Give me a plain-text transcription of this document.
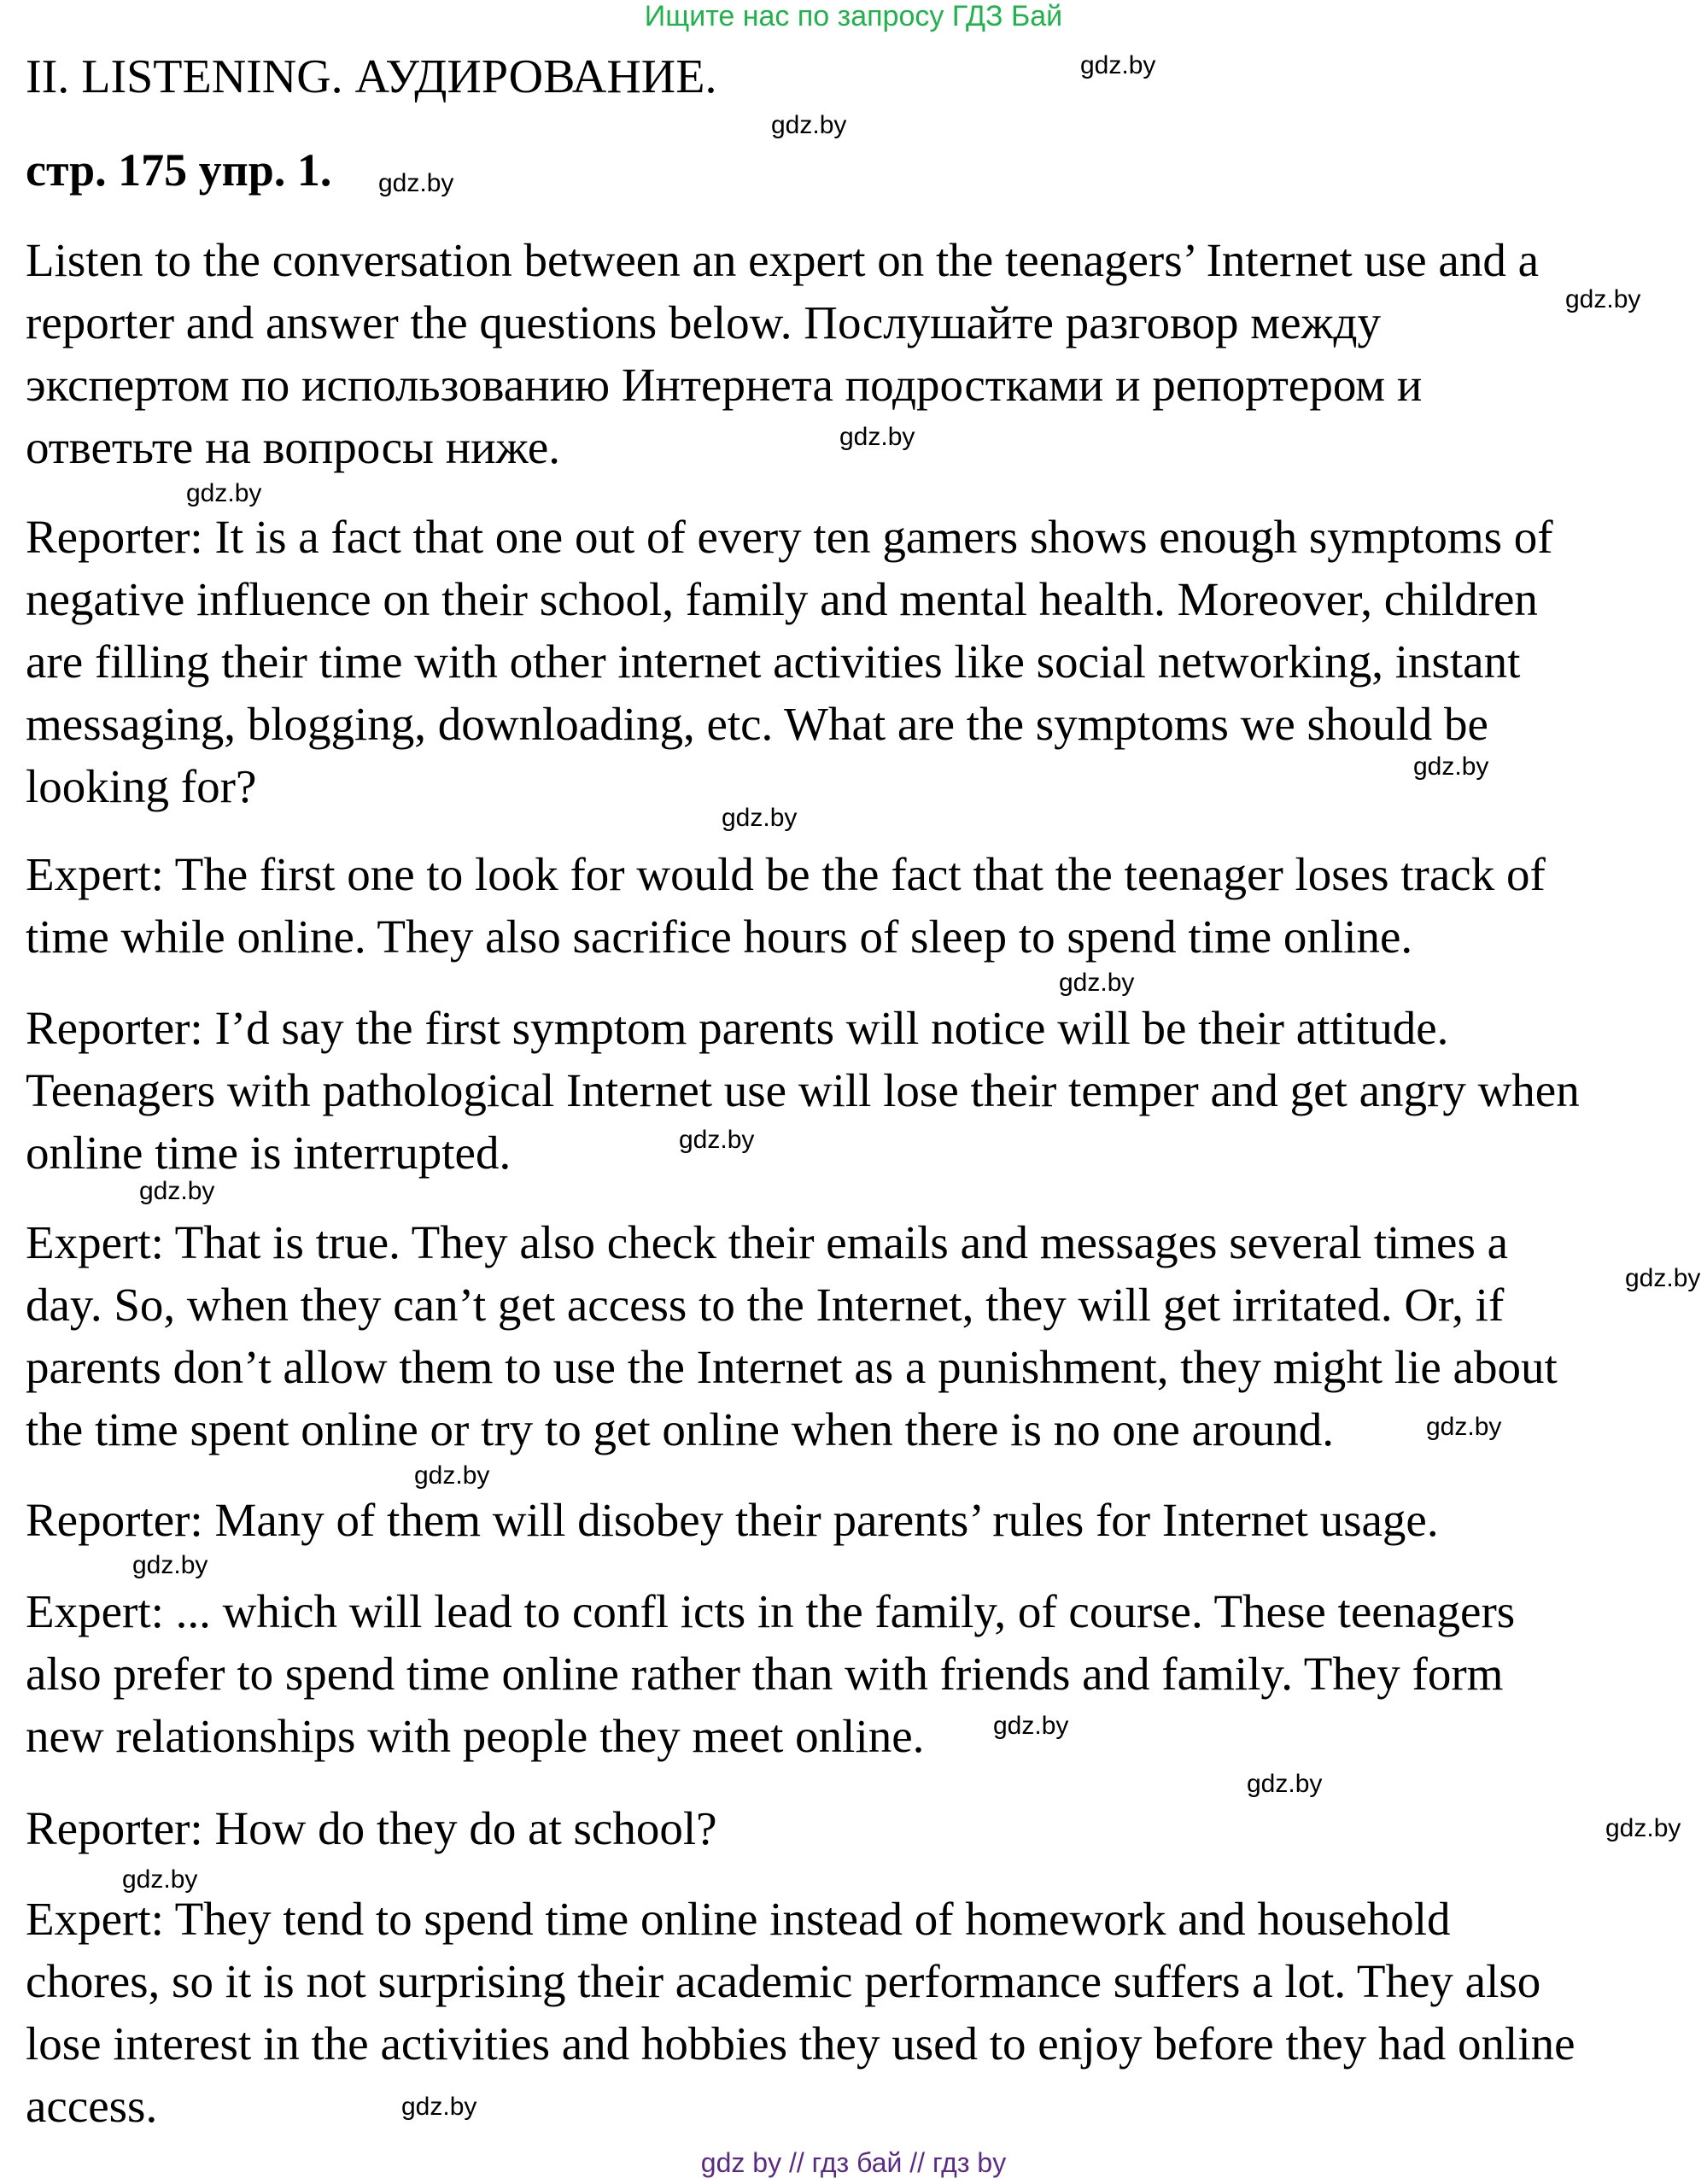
Ищите нас по запросу ГДЗ Бай
II. LISTENING. АУДИРОВАНИЕ.
стр. 175 упр. 1.

Listen to the conversation between an expert on the teenagers’ Internet use and a
reporter and answer the questions below. Послушайте разговор между
экспертом по использованию Интернета подростками и репортером и
ответьте на вопросы ниже.

Reporter: It is a fact that one out of every ten gamers shows enough symptoms of
negative influence on their school, family and mental health. Moreover, children
are filling their time with other internet activities like social networking, instant
messaging, blogging, downloading, etc. What are the symptoms we should be
looking for?

Expert: The first one to look for would be the fact that the teenager loses track of
time while online. They also sacrifice hours of sleep to spend time online.

Reporter: I’d say the first symptom parents will notice will be their attitude.
Teenagers with pathological Internet use will lose their temper and get angry when
online time is interrupted.

Expert: That is true. They also check their emails and messages several times a
day. So, when they can’t get access to the Internet, they will get irritated. Or, if
parents don’t allow them to use the Internet as a punishment, they might lie about
the time spent online or try to get online when there is no one around.

Reporter: Many of them will disobey their parents’ rules for Internet usage.

Expert: ... which will lead to confl icts in the family, of course. These teenagers
also prefer to spend time online rather than with friends and family. They form
new relationships with people they meet online.

Reporter: How do they do at school?

Expert: They tend to spend time online instead of homework and household
chores, so it is not surprising their academic performance suffers a lot. They also
lose interest in the activities and hobbies they used to enjoy before they had online
access.

gdz.by
gdz.by
gdz.by
gdz.by
gdz.by
gdz.by
gdz.by
gdz.by
gdz.by
gdz.by
gdz.by
gdz.by
gdz.by
gdz.by
gdz.by
gdz.by
gdz.by
gdz.by
gdz.by
gdz.by
gdz by // гдз бай // гдз by
